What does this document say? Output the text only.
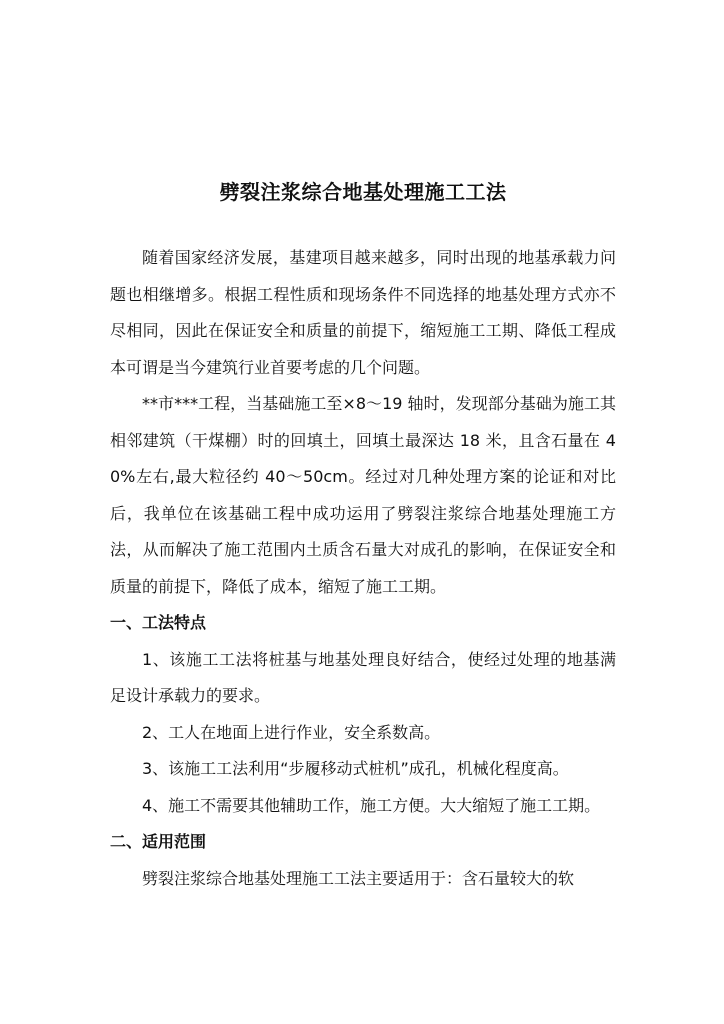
劈裂注浆综合地基处理施工工法

随着国家经济发展，基建项目越来越多，同时出现的地基承载力问题也相继增多。根据工程性质和现场条件不同选择的地基处理方式亦不尽相同，因此在保证安全和质量的前提下，缩短施工工期、降低工程成本可谓是当今建筑行业首要考虑的几个问题。

**市***工程，当基础施工至×8～19 轴时，发现部分基础为施工其相邻建筑（干煤棚）时的回填土，回填土最深达 18 米，且含石量在 40%左右,最大粒径约 40～50cm。经过对几种处理方案的论证和对比后，我单位在该基础工程中成功运用了劈裂注浆综合地基处理施工方法，从而解决了施工范围内土质含石量大对成孔的影响，在保证安全和质量的前提下，降低了成本，缩短了施工工期。

一、工法特点

1、该施工工法将桩基与地基处理良好结合，使经过处理的地基满足设计承载力的要求。

2、工人在地面上进行作业，安全系数高。

3、该施工工法利用“步履移动式桩机”成孔，机械化程度高。

4、施工不需要其他辅助工作，施工方便。大大缩短了施工工期。

二、适用范围

劈裂注浆综合地基处理施工工法主要适用于：含石量较大的软
